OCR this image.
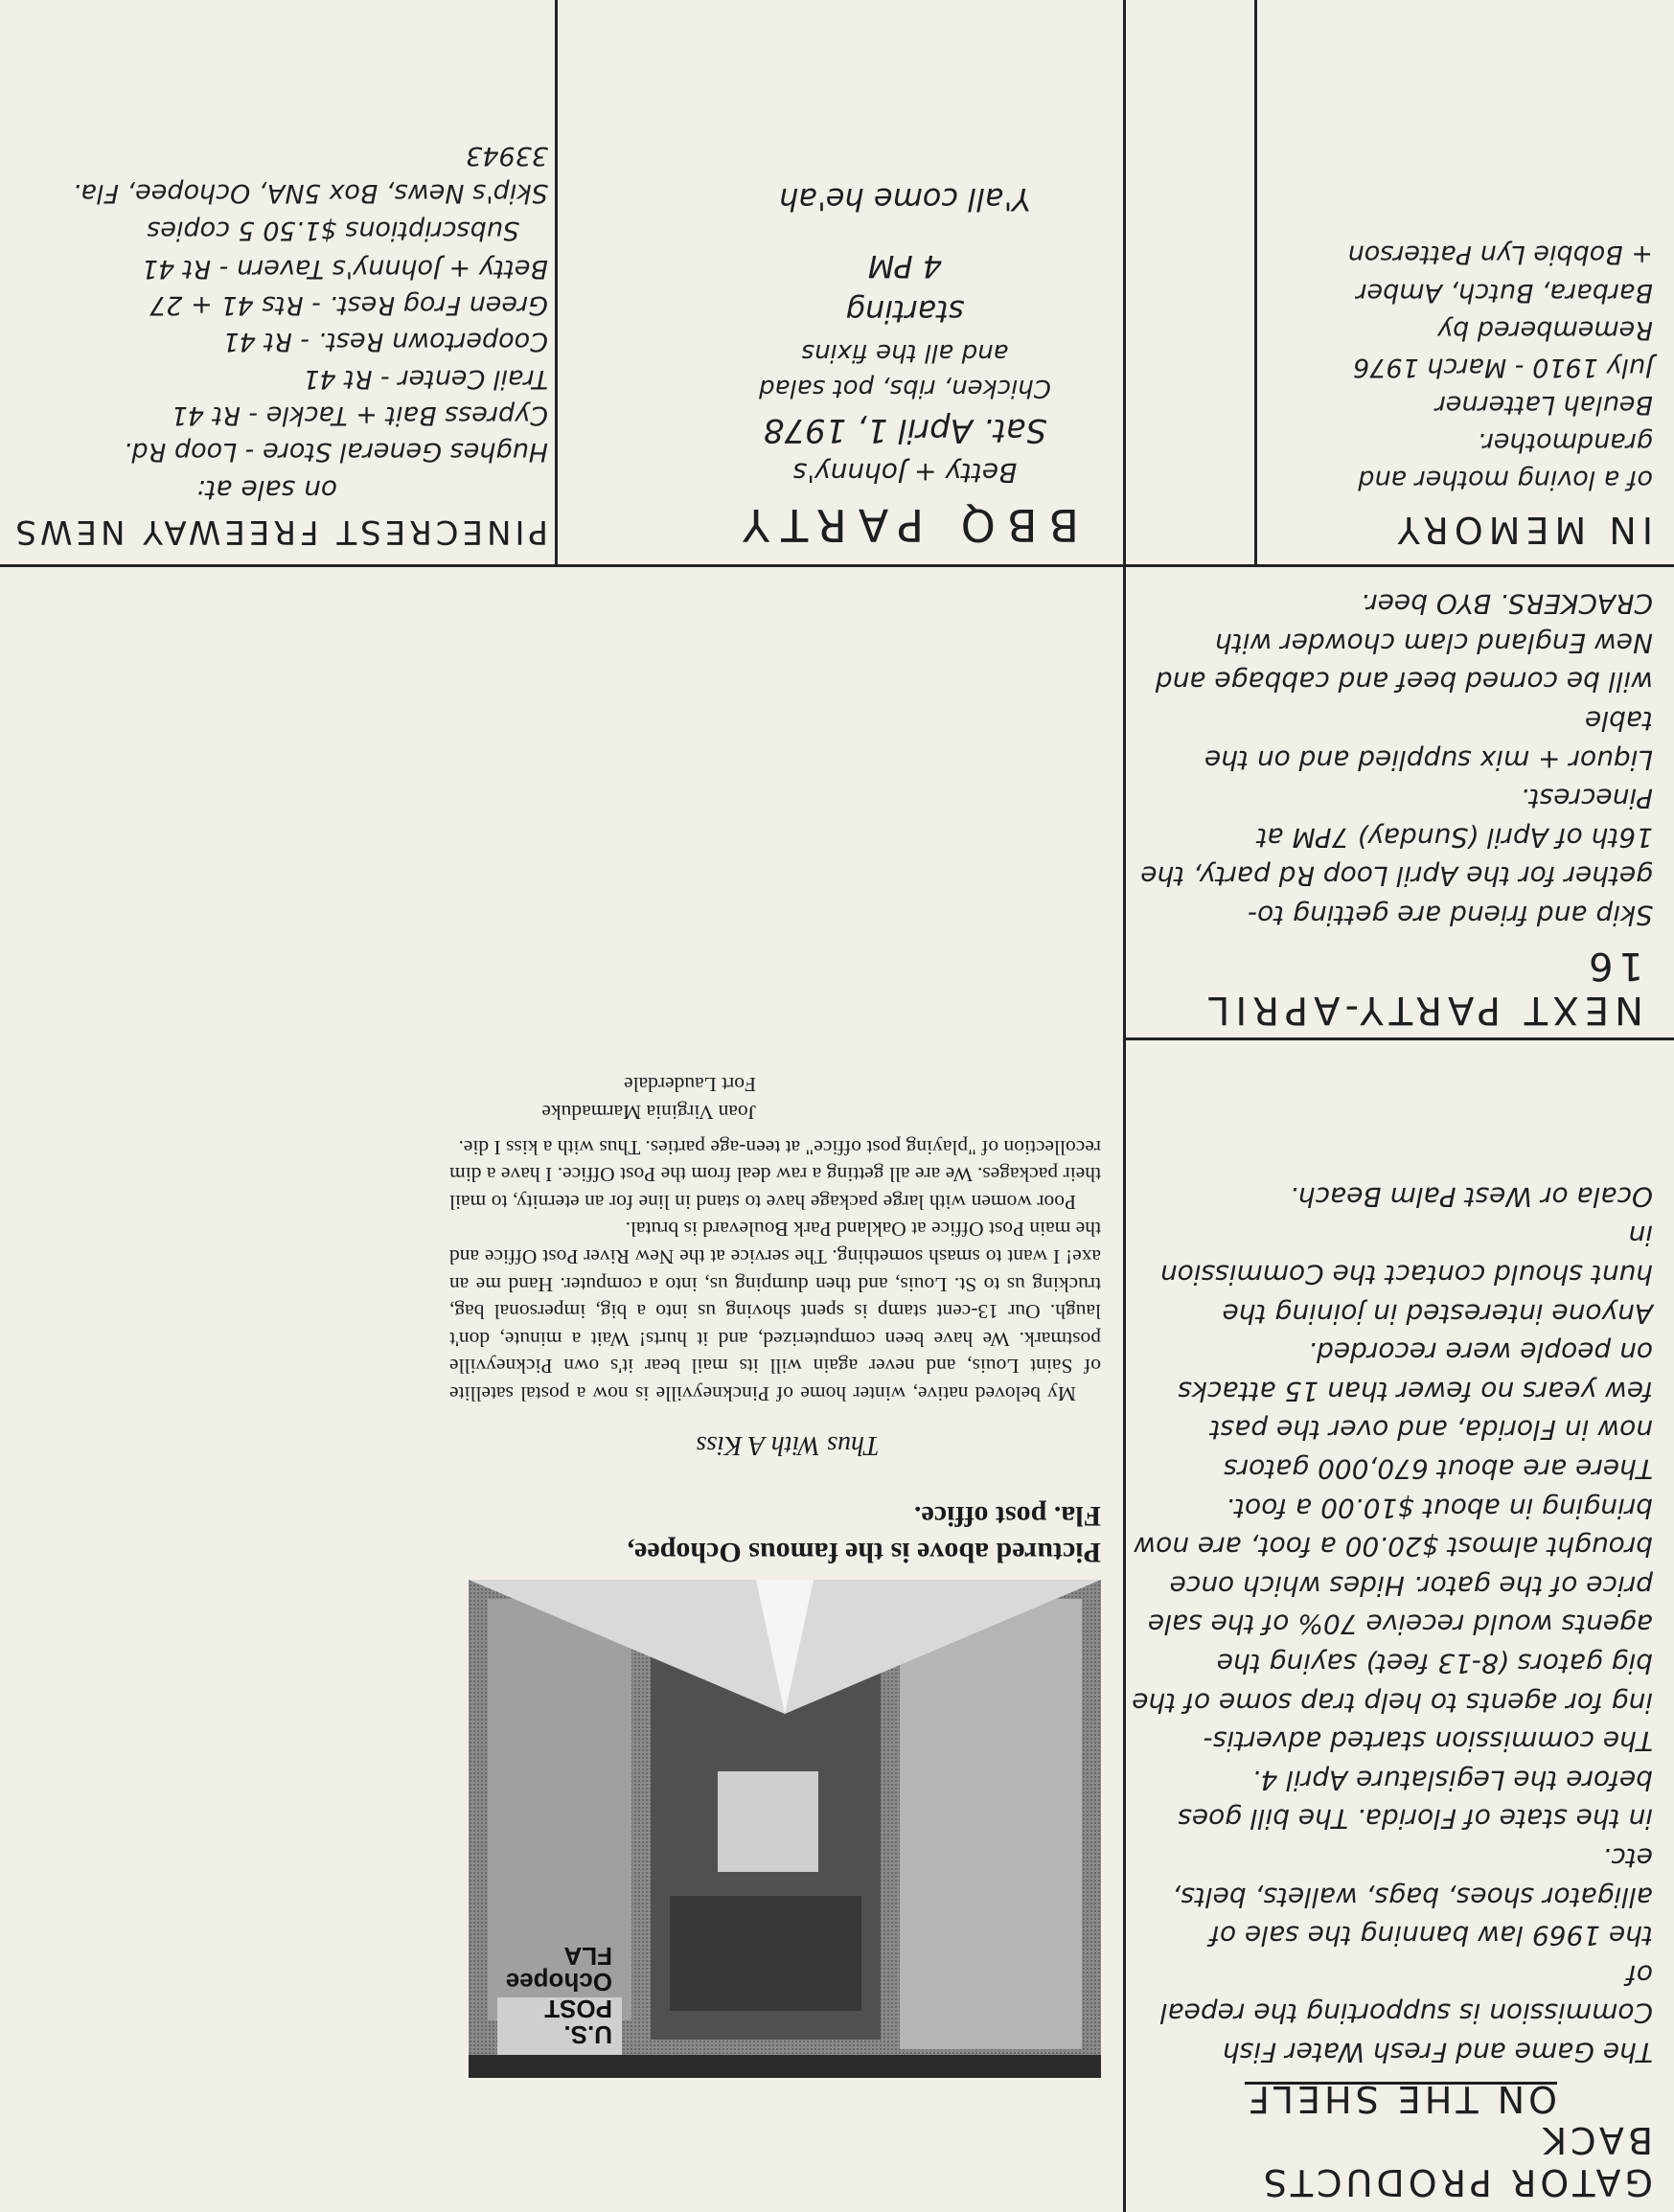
GATOR PRODUCTS BACK
ON THE SHELF

The Game and Fresh Water Fish
Commission is supporting the repeal of
the 1969 law banning the sale of
alligator shoes, bags, wallets, belts, etc.
in the state of Florida. The bill goes
before the Legislature April 4.
The commission started advertis-
ing for agents to help trap some of the
big gators (8-13 feet) saying the
agents would receive 70% of the sale
price of the gator. Hides which once
brought almost $20.00 a foot, are now
bringing in about $10.00 a foot.
There are about 670,000 gators
now in Florida, and over the past
few years no fewer than 15 attacks
on people were recorded.
Anyone interested in joining the
hunt should contact the Commission in
Ocala or West Palm Beach.

NEXT PARTY-APRIL 16

Skip and friend are getting to-
gether for the April Loop Rd party, the
16th of April (Sunday) 7PM at Pinecrest.
Liquor + mix supplied and on the table
will be corned beef and cabbage and
New England clam chowder with
CRACKERS. BYO beer.

U.S.
POST
Ochopee
FLA

Pictured above is the famous Ochopee,
Fla. post office.

Thus With A Kiss

My beloved native, winter home of Pinckneyville is now a postal satellite of Saint Louis, and never again will its mail bear it's own Pickneyville postmark. We have been computerized, and it hurts! Wait a minute, don't laugh. Our 13-cent stamp is spent shoving us into a big, impersonal bag, trucking us to St. Louis, and then dumping us, into a computer. Hand me an axe! I want to smash something. The service at the New River Post Office and the main Post Office at Oakland Park Boulevard is brutal.

Poor women with large package have to stand in line for an eternity, to mail their packages. We are all getting a raw deal from the Post Office. I have a dim recollection of "playing post office" at teen-age parties. Thus with a kiss I die.

Joan Virginia Marmaduke
Fort Lauderdale

IN MEMORY

of a loving mother and
grandmother.
Beulah Latterner
July 1910 - March 1976
Remembered by
Barbara, Butch, Amber
+ Bobbie Lyn Patterson

BBQ PARTY

Betty + Johnny's

Sat. April 1, 1978

Chicken, ribs, pot salad
and all the fixins

starting
4 PM

Y'all come he'ah

PINECREST FREEWAY NEWS

on sale at:

Hughes General Store - Loop Rd.
Cypress Bait + Tackle - Rt 41
Trail Center - Rt 41
Coopertown Rest. - Rt 41
Green Frog Rest. - Rts 41 + 27
Betty + Johnny's Tavern - Rt 41

Subscriptions $1.50 5 copies

Skip's News, Box 5NA, Ochopee, Fla. 33943
